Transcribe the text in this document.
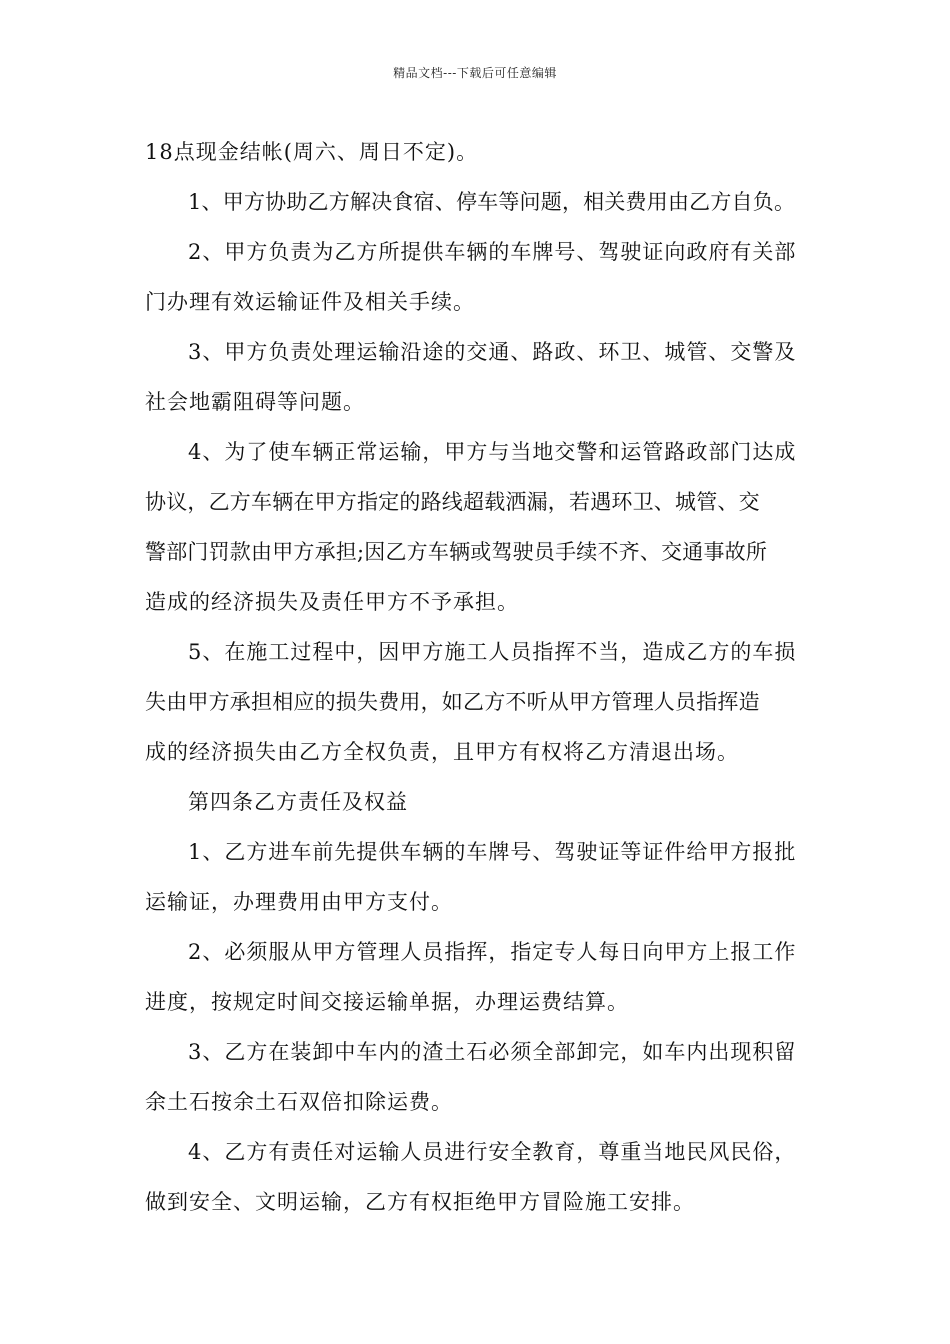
精品文档---下载后可任意编辑
18点现金结帐(周六、周日不定)。
1、甲方协助乙方解决食宿、停车等问题，相关费用由乙方自负。
2、甲方负责为乙方所提供车辆的车牌号、驾驶证向政府有关部
门办理有效运输证件及相关手续。
3、甲方负责处理运输沿途的交通、路政、环卫、城管、交警及
社会地霸阻碍等问题。
4、为了使车辆正常运输，甲方与当地交警和运管路政部门达成
协议，乙方车辆在甲方指定的路线超载洒漏，若遇环卫、城管、交
警部门罚款由甲方承担;因乙方车辆或驾驶员手续不齐、交通事故所
造成的经济损失及责任甲方不予承担。
5、在施工过程中，因甲方施工人员指挥不当，造成乙方的车损
失由甲方承担相应的损失费用，如乙方不听从甲方管理人员指挥造
成的经济损失由乙方全权负责，且甲方有权将乙方清退出场。
第四条乙方责任及权益
1、乙方进车前先提供车辆的车牌号、驾驶证等证件给甲方报批
运输证，办理费用由甲方支付。
2、必须服从甲方管理人员指挥，指定专人每日向甲方上报工作
进度，按规定时间交接运输单据，办理运费结算。
3、乙方在装卸中车内的渣土石必须全部卸完，如车内出现积留
余土石按余土石双倍扣除运费。
4、乙方有责任对运输人员进行安全教育，尊重当地民风民俗，
做到安全、文明运输，乙方有权拒绝甲方冒险施工安排。
